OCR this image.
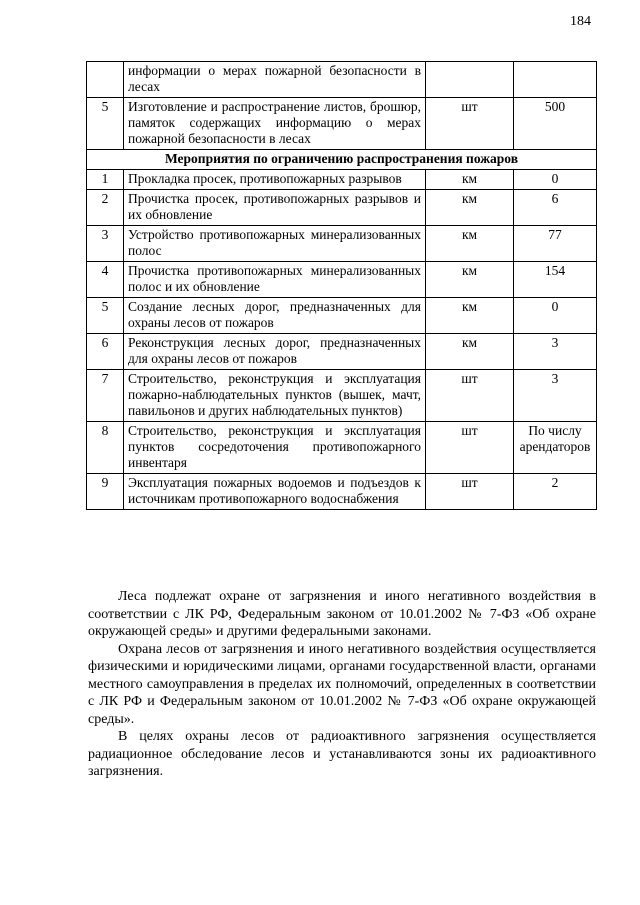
184
	информации о мерах пожарной безопасности в лесах		
5	Изготовление и распространение листов, брошюр, памяток содержащих информацию о мерах пожарной безопасности в лесах	шт	500
Мероприятия по ограничению распространения пожаров			
1	Прокладка просек, противопожарных разрывов	км	0
2	Прочистка просек, противопожарных разрывов и их обновление	км	6
3	Устройство противопожарных минерализованных полос	км	77
4	Прочистка противопожарных минерализованных полос и их обновление	км	154
5	Создание лесных дорог, предназначенных для охраны лесов от пожаров	км	0
6	Реконструкция лесных дорог, предназначенных для охраны лесов от пожаров	км	3
7	Строительство, реконструкция и эксплуатация пожарно-наблюдательных пунктов (вышек, мачт, павильонов и других наблюдательных пунктов)	шт	3
8	Строительство, реконструкция и эксплуатация пунктов сосредоточения противопожарного инвентаря	шт	По числу арендаторов
9	Эксплуатация пожарных водоемов и подъездов к источникам противопожарного водоснабжения	шт	2

Леса подлежат охране от загрязнения и иного негативного воздействия в соответствии с ЛК РФ, Федеральным законом от 10.01.2002 № 7-ФЗ «Об охране окружающей среды» и другими федеральными законами.

Охрана лесов от загрязнения и иного негативного воздействия осуществляется физическими и юридическими лицами, органами государственной власти, органами местного самоуправления в пределах их полномочий, определенных в соответствии с ЛК РФ и Федеральным законом от 10.01.2002 № 7-ФЗ «Об охране окружающей среды».

В целях охраны лесов от радиоактивного загрязнения осуществляется радиационное обследование лесов и устанавливаются зоны их радиоактивного загрязнения.
